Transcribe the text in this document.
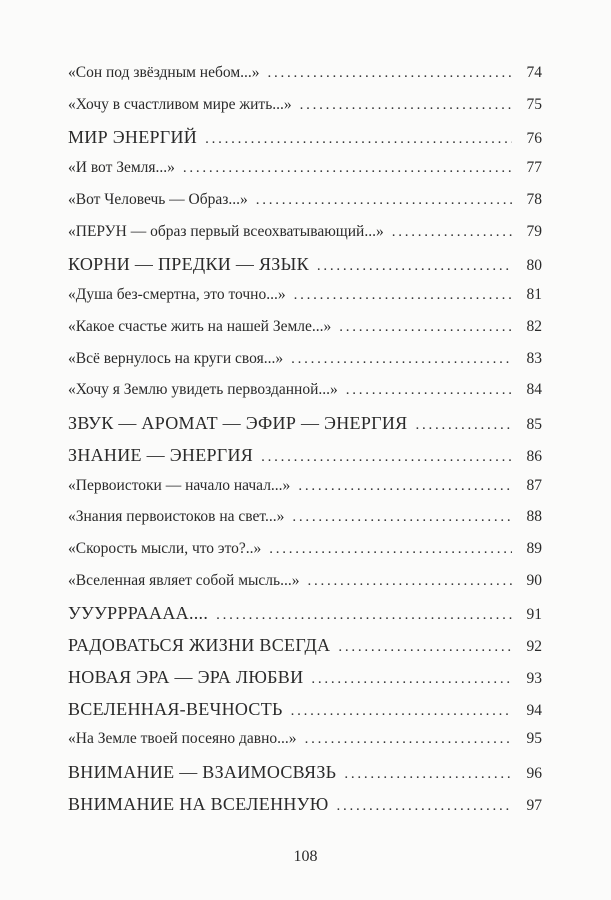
«Сон под звёздным небом...» . . .	74
«Хочу в счастливом мире жить...» . . .	75
МИР ЭНЕРГИЙ . . .	76
«И вот Земля...» . . .	77
«Вот Человечь — Образ...» . . .	78
«ПЕРУН — образ первый всеохватывающий...» . . .	79
КОРНИ — ПРЕДКИ — ЯЗЫК . . .	80
«Душа без-смертна, это точно...» . . .	81
«Какое счастье жить на нашей Земле...» . . .	82
«Всё вернулось на круги своя...» . . .	83
«Хочу я Землю увидеть первозданной...» . . .	84
ЗВУК — АРОМАТ — ЭФИР — ЭНЕРГИЯ . . .	85
ЗНАНИЕ — ЭНЕРГИЯ . . .	86
«Первоистоки — начало начал...» . . .	87
«Знания первоистоков на свет...» . . .	88
«Скорость мысли, что это?..» . . .	89
«Вселенная являет собой мысль...» . . .	90
УУУРРРАААА.... . . .	91
РАДОВАТЬСЯ ЖИЗНИ ВСЕГДА . . .	92
НОВАЯ ЭРА — ЭРА ЛЮБВИ . . .	93
ВСЕЛЕННАЯ-ВЕЧНОСТЬ . . .	94
«На Земле твоей посеяно давно...» . . .	95
ВНИМАНИЕ — ВЗАИМОСВЯЗЬ . . .	96
ВНИМАНИЕ НА ВСЕЛЕННУЮ . . .	97
108
